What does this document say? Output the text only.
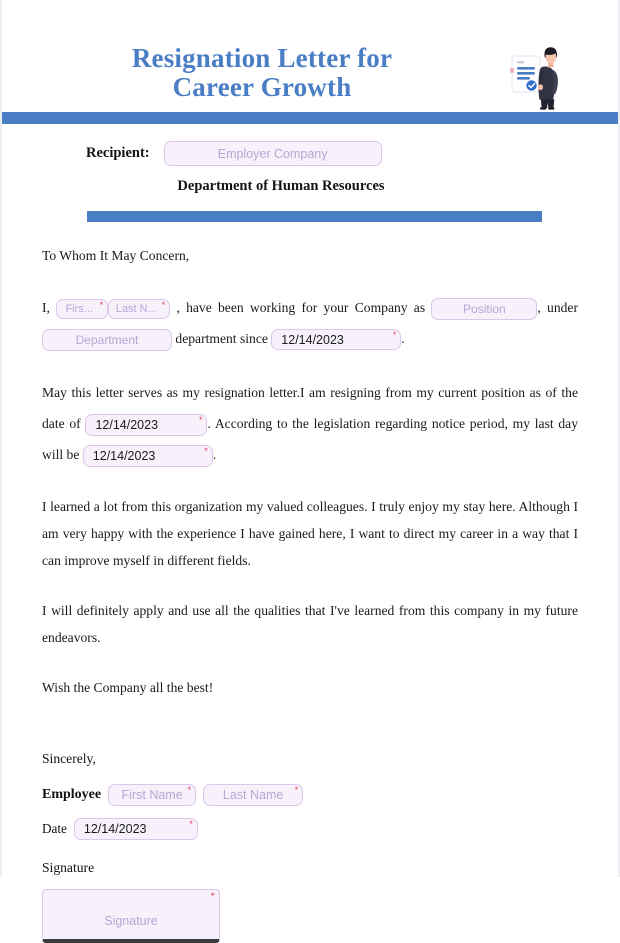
Resignation Letter for
Career Growth
Recipient:	Employer Company
Department of Human Resources

To Whom It May Concern,

I, Firs... * Last N... * , have been working for your Company as	Position , under Department	department since 12/14/2023	* .

May this letter serves as my resignation letter.I am resigning from my current position as of the date of 12/14/2023	* . According to the legislation regarding notice period, my last day will be 12/14/2023	* .

I learned a lot from this organization my valued colleagues. I truly enjoy my stay here. Although I am very happy with the experience I have gained here, I want to direct my career in a way that I can improve myself in different fields.

I will definitely apply and use all the qualities that I've learned from this company in my future endeavors.

Wish the Company all the best!

Sincerely,
Employee	First Name *	Last Name *
Date	12/14/2023	*
Signature
Signature
*
